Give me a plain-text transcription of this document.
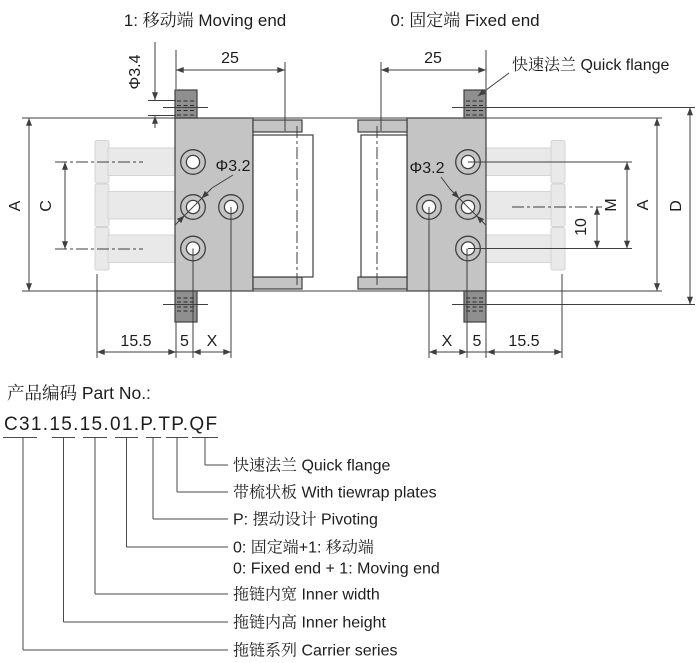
1: 移动端 Moving end
Φ3.4	25
Φ3.2
A C
15.5 5 X
0: 固定端 Fixed end
快速法兰 Quick flange
25
Φ3.2
10
M A D
X 5 15.5
产品编码 Part No.:
C31.15.15.01.P.TP.QF
快速法兰 Quick flange
带梳状板 With tiewrap plates
P: 摆动设计 Pivoting
0: 固定端+1: 移动端
0: Fixed end + 1: Moving end
拖链内宽 Inner width
拖链内高 Inner height
拖链系列 Carrier series
